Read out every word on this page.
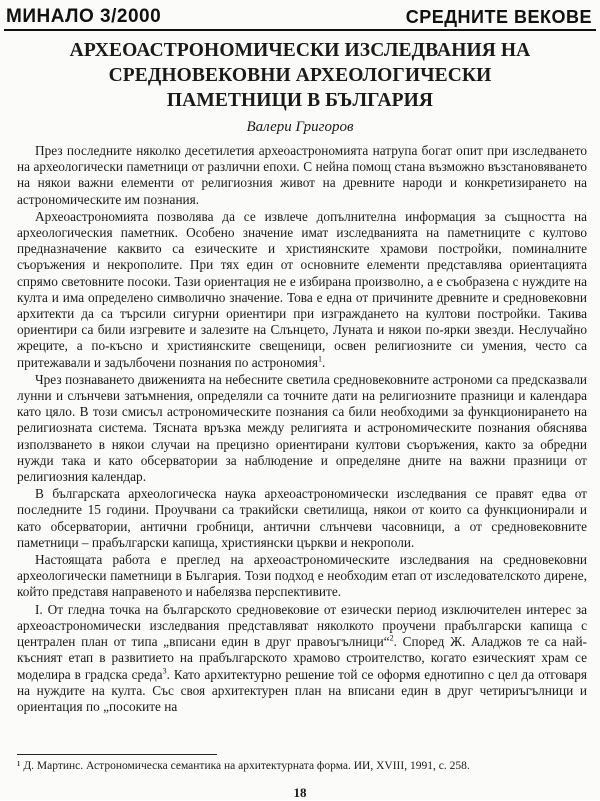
МИНАЛО 3/2000	СРЕДНИТЕ ВЕКОВЕ
АРХЕОАСТРОНОМИЧЕСКИ ИЗСЛЕДВАНИЯ НА
СРЕДНОВЕКОВНИ АРХЕОЛОГИЧЕСКИ
ПАМЕТНИЦИ В БЪЛГАРИЯ
Валери Григоров

През последните няколко десетилетия археоастрономията натрупа богат опит при изследването на археологически паметници от различни епохи. С нейна помощ стана възможно възстановяването на някои важни елементи от религиозния живот на древните народи и конкретизирането на астрономическите им познания.

Археоастрономията позволява да се извлече допълнителна информация за същността на археологическия паметник. Особено значение имат изследванията на паметниците с култово предназначение каквито са езическите и християнските храмови постройки, поминалните съоръжения и некрополите. При тях един от основните елементи представлява ориентацията спрямо световните посоки. Тази ориентация не е избирана произволно, а е съобразена с нуждите на култа и има определено символично значение. Това е една от причините древните и средновековни архитекти да са търсили сигурни ориентири при изграждането на култови постройки. Такива ориентири са били изгревите и залезите на Слънцето, Луната и някои по-ярки звезди. Неслучайно жреците, а по-късно и християнските свещеници, освен религиозните си умения, често са притежавали и задълбочени познания по астрономия$^1$.

Чрез познаването движенията на небесните светила средновековните астрономи са предсказвали лунни и слънчеви затъмнения, определяли са точните дати на религиозните празници и календара като цяло. В този смисъл астрономическите познания са били необходими за функционирането на религиозната система. Тясната връзка между религията и астрономическите познания обяснява използването в някои случаи на прецизно ориентирани култови съоръжения, както за обредни нужди така и като обсерватории за наблюдение и определяне дните на важни празници от религиозния календар.

В българската археологическа наука археоастрономически изследвания се правят едва от последните 15 години. Проучвани са тракийски светилища, някои от които са функционирали и като обсерватории, антични гробници, антични слънчеви часовници, а от средновековните паметници – прабългарски капища, християнски църкви и некрополи.

Настоящата работа е преглед на археоастрономическите изследвания на средновековни археологически паметници в България. Този подход е необходим етап от изследователското дирене, който представя направеното и набелязва перспективите.

I. От гледна точка на българското средновековие от езически период изключителен интерес за археоастрономически изследвания представляват няколкото проучени прабългарски капища с централен план от типа „вписани един в друг правоъгълници“$^2$. Според Ж. Аладжов те са най-късният етап в развитието на прабългарското храмово строителство, когато езическият храм се моделира в градска среда$^3$. Като архитектурно решение той се оформя еднотипно с цел да отговаря на нуждите на култа. Със своя архитектурен план на вписани един в друг четириъгълници и ориентация по „посоките на

¹ Д. Мартинс. Астрономическа семантика на архитектурната форма. ИИ, XVIII, 1991, с. 258.
18
